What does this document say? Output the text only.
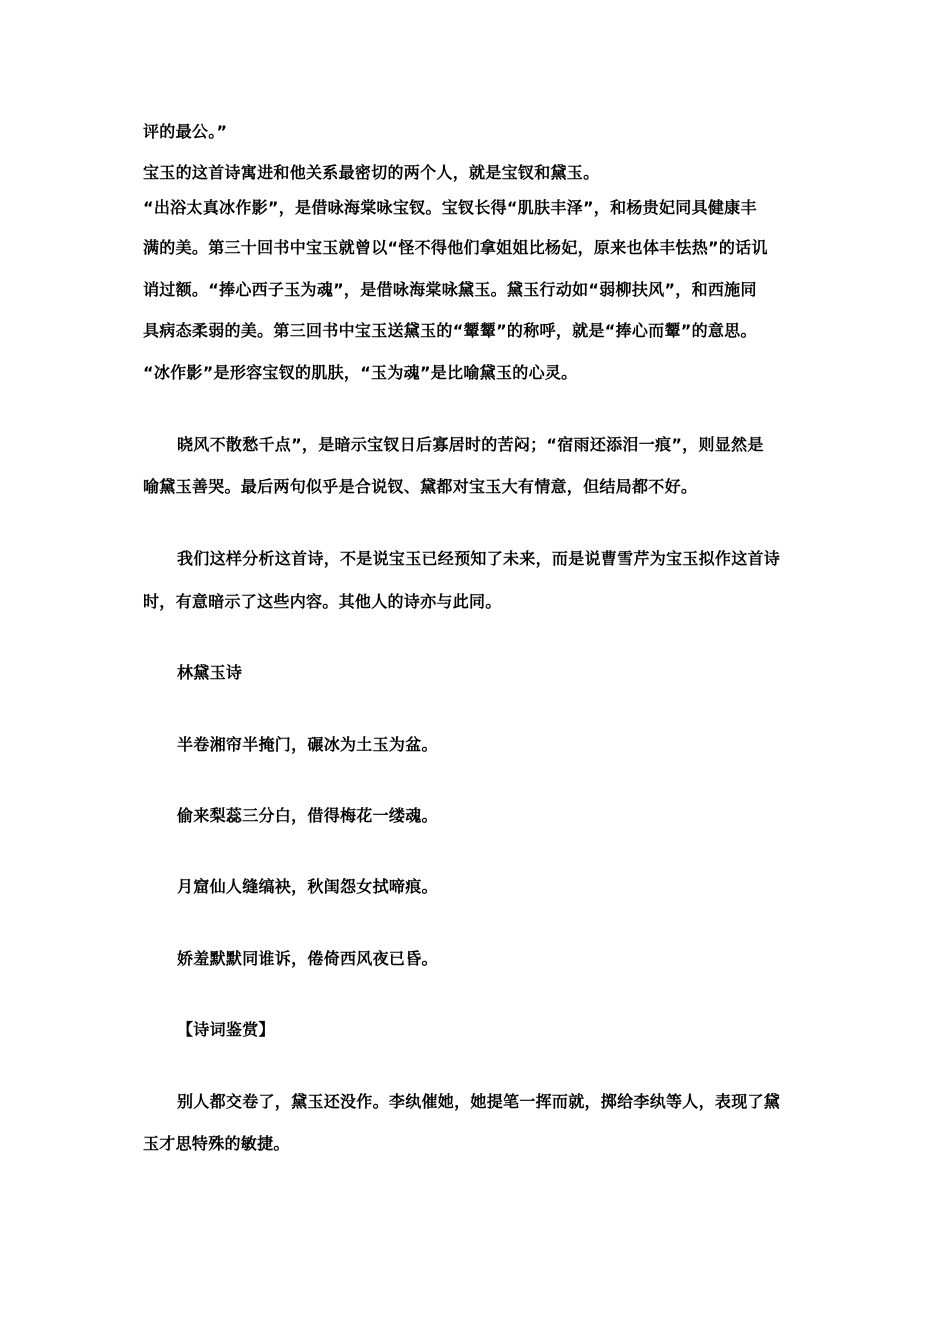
评的最公。”
宝玉的这首诗寓进和他关系最密切的两个人，就是宝钗和黛玉。
“出浴太真冰作影”，是借咏海棠咏宝钗。宝钗长得“肌肤丰泽”，和杨贵妃同具健康丰
满的美。第三十回书中宝玉就曾以“怪不得他们拿姐姐比杨妃，原来也体丰怯热”的话讥
诮过额。“捧心西子玉为魂”，是借咏海棠咏黛玉。黛玉行动如“弱柳扶风”，和西施同
具病态柔弱的美。第三回书中宝玉送黛玉的“颦颦”的称呼，就是“捧心而颦”的意思。
“冰作影”是形容宝钗的肌肤，“玉为魂”是比喻黛玉的心灵。
晓风不散愁千点”，是暗示宝钗日后寡居时的苦闷；“宿雨还添泪一痕”，则显然是
喻黛玉善哭。最后两句似乎是合说钗、黛都对宝玉大有情意，但结局都不好。
我们这样分析这首诗，不是说宝玉已经预知了未来，而是说曹雪芹为宝玉拟作这首诗
时，有意暗示了这些内容。其他人的诗亦与此同。
林黛玉诗
半卷湘帘半掩门，碾冰为土玉为盆。
偷来梨蕊三分白，借得梅花一缕魂。
月窟仙人缝缟袂，秋闺怨女拭啼痕。
娇羞默默同谁诉，倦倚西风夜已昏。
【诗词鉴赏】
别人都交卷了，黛玉还没作。李纨催她，她提笔一挥而就，掷给李纨等人，表现了黛
玉才思特殊的敏捷。
